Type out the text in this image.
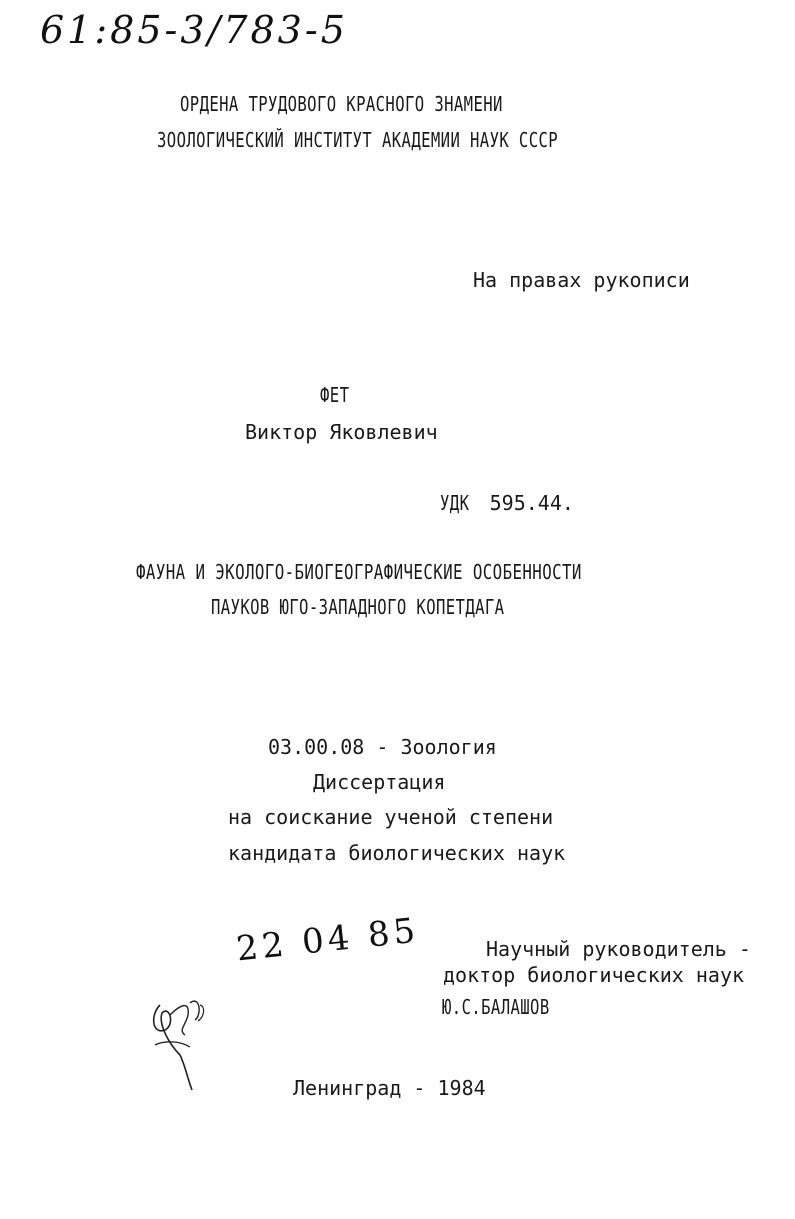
61:85-3/783-5
ОРДЕНА ТРУДОВОГО КРАСНОГО ЗНАМЕНИ
ЗООЛОГИЧЕСКИЙ ИНСТИТУТ АКАДЕМИИ НАУК СССР
На правах рукописи
ФЕТ
Виктор Яковлевич
УДК 595.44.
ФАУНА И ЭКОЛОГО-БИОГЕОГРАФИЧЕСКИЕ ОСОБЕННОСТИ
ПАУКОВ ЮГО-ЗАПАДНОГО КОПЕТДАГА
03.00.08 - Зоология
Диссертация
на соискание ученой степени
кандидата биологических наук
22 04 85	Научный руководитель -
доктор биологических наук
Ю.С.БАЛАШОВ
Ленинград - 1984
